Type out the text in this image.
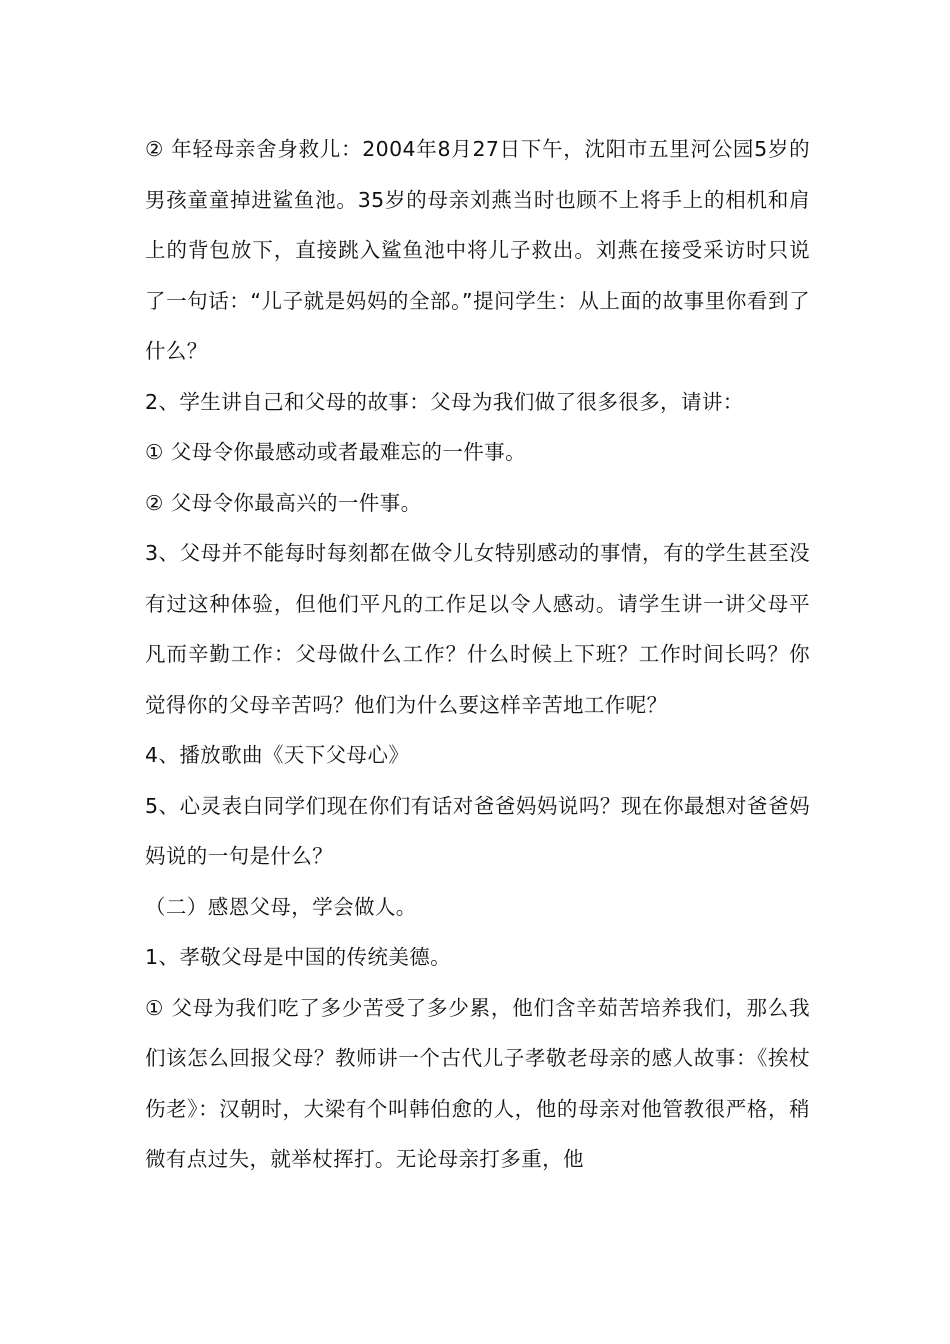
② 年轻母亲舍身救儿：2004年8月27日下午，沈阳市五里河公园5岁的男孩童童掉进鲨鱼池。35岁的母亲刘燕当时也顾不上将手上的相机和肩上的背包放下，直接跳入鲨鱼池中将儿子救出。刘燕在接受采访时只说了一句话：“儿子就是妈妈的全部。”提问学生：从上面的故事里你看到了什么？

2、学生讲自己和父母的故事：父母为我们做了很多很多，请讲：

① 父母令你最感动或者最难忘的一件事。

② 父母令你最高兴的一件事。

3、父母并不能每时每刻都在做令儿女特别感动的事情，有的学生甚至没有过这种体验，但他们平凡的工作足以令人感动。请学生讲一讲父母平凡而辛勤工作：父母做什么工作？什么时候上下班？工作时间长吗？你觉得你的父母辛苦吗？他们为什么要这样辛苦地工作呢？

4、播放歌曲《天下父母心》

5、心灵表白同学们现在你们有话对爸爸妈妈说吗？现在你最想对爸爸妈妈说的一句是什么？

（二）感恩父母，学会做人。

1、孝敬父母是中国的传统美德。

① 父母为我们吃了多少苦受了多少累，他们含辛茹苦培养我们，那么我们该怎么回报父母？教师讲一个古代儿子孝敬老母亲的感人故事：《挨杖伤老》：汉朝时，大梁有个叫韩伯愈的人，他的母亲对他管教很严格，稍微有点过失，就举杖挥打。无论母亲打多重，他
